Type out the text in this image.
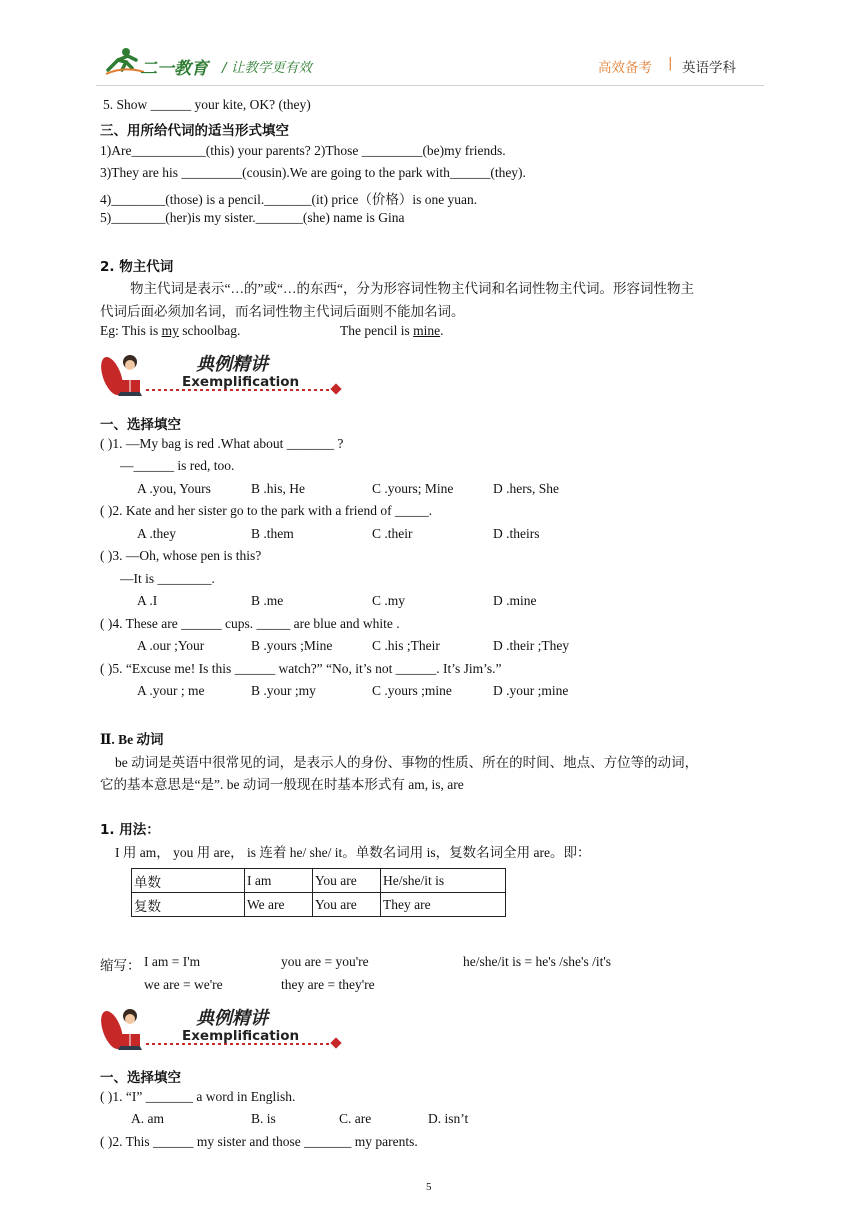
二一教育 / 让教学更有效	高效备考 | 英语学科
5. Show ______ your kite, OK? (they)
三、用所给代词的适当形式填空
1)Are___________(this) your parents? 2)Those _________(be)my friends.
3)They are his _________(cousin).We are going to the park with______(they).
4)________(those) is a pencil._______(it) price（价格）is one yuan.
5)________(her)is my sister._______(she) name is Gina
2. 物主代词
物主代词是表示“…的”或“…的东西“，分为形容词性物主代词和名词性物主代词。形容词性物主
代词后面必须加名词，而名词性物主代词后面则不能加名词。
Eg: This is my schoolbag.	The pencil is mine.
典例精讲
Exemplification
一、选择填空
( )1. —My bag is red .What about _______ ?
—______ is red, too.
A .you, Yours	B .his, He	C .yours; Mine	D .hers, She
( )2. Kate and her sister go to the park with a friend of _____.
A .they	B .them	C .their	D .theirs
( )3. —Oh, whose pen is this?
—It is ________.
A .I	B .me	C .my	D .mine
( )4. These are ______ cups. _____ are blue and white .
A .our ;Your	B .yours ;Mine	C .his ;Their	D .their ;They
( )5. “Excuse me! Is this ______ watch?” “No, it’s not ______. It’s Jim’s.”
A .your ; me	B .your ;my	C .yours ;mine	D .your ;mine
Ⅱ. Be 动词
be 动词是英语中很常见的词，是表示人的身份、事物的性质、所在的时间、地点、方位等的动词，
它的基本意思是“是”. be 动词一般现在时基本形式有 am, is, are
1. 用法：
I 用 am， you 用 are， is 连着 he/ she/ it。单数名词用 is，复数名词全用 are。即：
单数	I am	You are	He/she/it is
复数	We are	You are	They are
缩写： I am = I'm	you are = you're	he/she/it is = he's /she's /it's
we are = we're	they are = they're
典例精讲
Exemplification
一、选择填空
( )1. “I” _______ a word in English.
A. am	B. is	C. are	D. isn’t
( )2. This ______ my sister and those _______ my parents.
5
